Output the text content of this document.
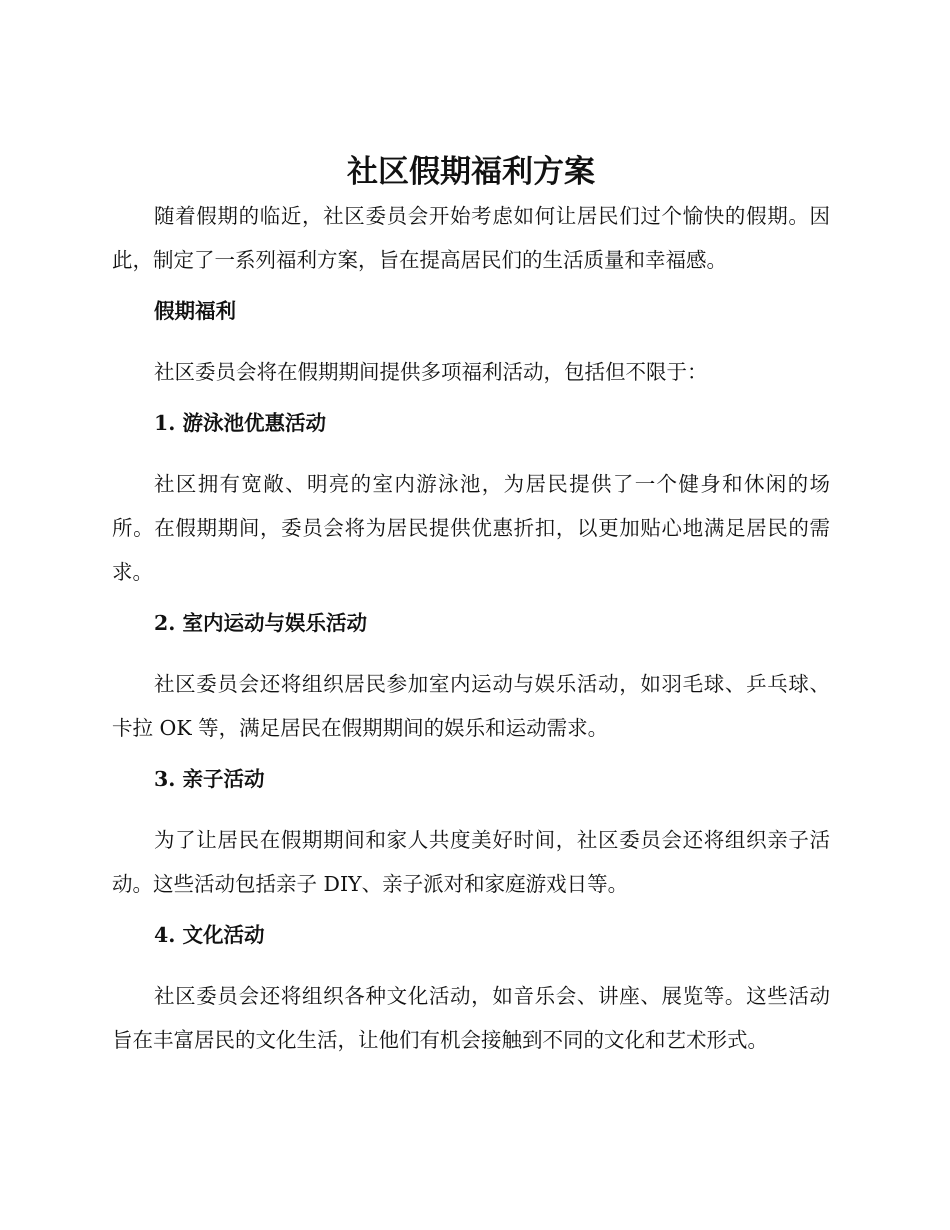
社区假期福利方案

随着假期的临近，社区委员会开始考虑如何让居民们过个愉快的假期。因此，制定了一系列福利方案，旨在提高居民们的生活质量和幸福感。

假期福利

社区委员会将在假期期间提供多项福利活动，包括但不限于：

1. 游泳池优惠活动

社区拥有宽敞、明亮的室内游泳池，为居民提供了一个健身和休闲的场所。在假期期间，委员会将为居民提供优惠折扣，以更加贴心地满足居民的需求。

2. 室内运动与娱乐活动

社区委员会还将组织居民参加室内运动与娱乐活动，如羽毛球、乒乓球、卡拉 OK 等，满足居民在假期期间的娱乐和运动需求。

3. 亲子活动

为了让居民在假期期间和家人共度美好时间，社区委员会还将组织亲子活动。这些活动包括亲子 DIY、亲子派对和家庭游戏日等。

4. 文化活动

社区委员会还将组织各种文化活动，如音乐会、讲座、展览等。这些活动旨在丰富居民的文化生活，让他们有机会接触到不同的文化和艺术形式。
